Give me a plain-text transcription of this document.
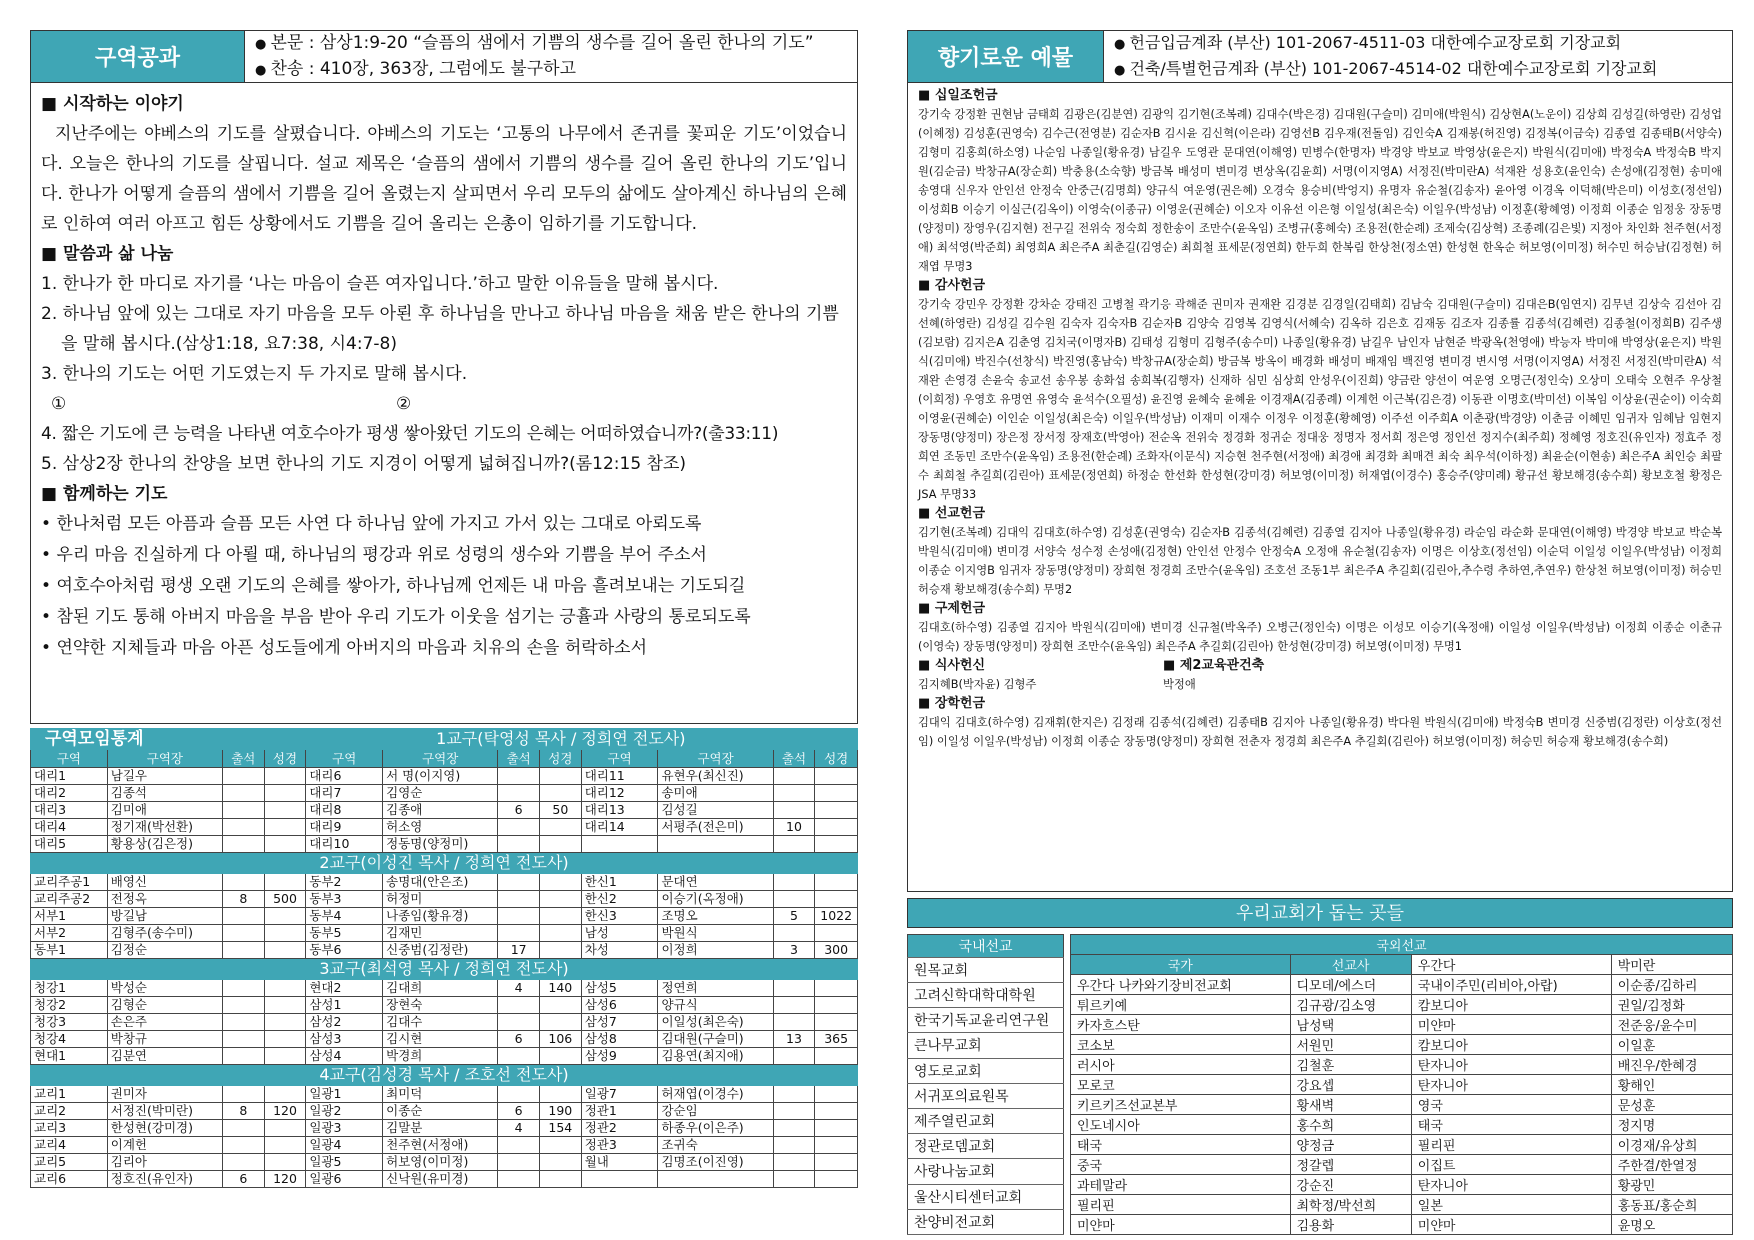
구역공과
● 본문 : 삼상1:9-20 “슬픔의 샘에서 기쁨의 생수를 길어 올린 한나의 기도”
● 찬송 : 410장, 363장, 그럼에도 불구하고
■ 시작하는 이야기
지난주에는 야베스의 기도를 살폈습니다. 야베스의 기도는 ‘고통의 나무에서 존귀를 꽃피운 기도’이었습니다. 오늘은 한나의 기도를 살핍니다. 설교 제목은 ‘슬픔의 샘에서 기쁨의 생수를 길어 올린 한나의 기도’입니다. 한나가 어떻게 슬픔의 샘에서 기쁨을 길어 올렸는지 살피면서 우리 모두의 삶에도 살아계신 하나님의 은혜로 인하여 여러 아프고 힘든 상황에서도 기쁨을 길어 올리는 은총이 임하기를 기도합니다.
■ 말씀과 삶 나눔
1. 한나가 한 마디로 자기를 ‘나는 마음이 슬픈 여자입니다.’하고 말한 이유들을 말해 봅시다.
2. 하나님 앞에 있는 그대로 자기 마음을 모두 아뢴 후 하나님을 만나고 하나님 마음을 채움 받은 한나의 기쁨을 말해 봅시다.(삼상1:18, 요7:38, 시4:7-8)
3. 한나의 기도는 어떤 기도였는지 두 가지로 말해 봅시다.
①	②
4. 짧은 기도에 큰 능력을 나타낸 여호수아가 평생 쌓아왔던 기도의 은혜는 어떠하였습니까?(출33:11)
5. 삼상2장 한나의 찬양을 보면 한나의 기도 지경이 어떻게 넓혀집니까?(롬12:15 참조)
■ 함께하는 기도
• 한나처럼 모든 아픔과 슬픔 모든 사연 다 하나님 앞에 가지고 가서 있는 그대로 아뢰도록
• 우리 마음 진실하게 다 아뢸 때, 하나님의 평강과 위로 성령의 생수와 기쁨을 부어 주소서
• 여호수아처럼 평생 오랜 기도의 은혜를 쌓아가, 하나님께 언제든 내 마음 흘려보내는 기도되길
• 참된 기도 통해 아버지 마음을 부음 받아 우리 기도가 이웃을 섬기는 긍휼과 사랑의 통로되도록
• 연약한 지체들과 마음 아픈 성도들에게 아버지의 마음과 치유의 손을 허락하소서
구역모임통계			1교구(탁영성 목사 / 정희연 전도사)								
구역	구역장	출석	성경	구역	구역장	출석	성경	구역	구역장	출석	성경
대리1	남길우			대리6	서 명(이지영)			대리11	유현우(최신진)		
대리2	김종석			대리7	김영순			대리12	송미애		
대리3	김미애			대리8	김종애	6	50	대리13	김성길		
대리4	정기재(박선환)			대리9	허소영			대리14	서평주(전은미)	10	
대리5	황용상(김은정)			대리10	정동명(양정미)						
2교구(이성진 목사 / 정희연 전도사)											
교리주공1	배영신			동부2	송명대(안은조)			한신1	문대연		
교리주공2	전정옥	8	500	동부3	허정미			한신2	이승기(옥정애)		
서부1	방길남			동부4	나종임(황유경)			한신3	조명오	5	1022
서부2	김형주(송수미)			동부5	김재민			남성	박원식		
동부1	김정순			동부6	신중범(김정란)	17		차성	이정희	3	300
3교구(최석영 목사 / 정희연 전도사)											
청강1	박성순			현대2	김대희	4	140	삼성5	정연희		
청강2	김형순			삼성1	장현숙			삼성6	양규식		
청강3	손은주			삼성2	김대수			삼성7	이일성(최은숙)		
청강4	박창규			삼성3	김시현	6	106	삼성8	김대원(구슬미)	13	365
현대1	김분연			삼성4	박경희			삼성9	김용연(최지애)		
4교구(김성경 목사 / 조호선 전도사)											
교리1	권미자			일광1	최미덕			일광7	허재엽(이경수)		
교리2	서정진(박미란)	8	120	일광2	이종순	6	190	정관1	강순임		
교리3	한성현(강미경)			일광3	김말분	4	154	정관2	하종우(이은주)		
교리4	이계헌			일광4	천주현(서정애)			정관3	조귀숙		
교리5	김리아			일광5	허보영(이미정)			월내	김명조(이진영)		
교리6	정호진(유인자)	6	120	일광6	신낙원(유미경)						
향기로운 예물
● 헌금입금계좌 (부산) 101-2067-4511-03 대한예수교장로회 기장교회
● 건축/특별헌금계좌 (부산) 101-2067-4514-02 대한예수교장로회 기장교회
■ 십일조헌금
강기숙 강정환 권현남 금태희 김광은(김분연) 김광익 김기현(조복례) 김대수(박은경) 김대원(구슬미) 김미애(박원식) 김상현A(노운이) 김상희 김성길(하영란) 김성업(이혜정) 김성훈(권영숙) 김수근(전영분) 김순자B 김시윤 김신혁(이은라) 김영선B 김우재(전돌임) 김인숙A 김재봉(허진영) 김정복(이금숙) 김종열 김종태B(서양숙) 김형미 김홍희(하소영) 나순임 나종일(황유경) 남길우 도영관 문대연(이해영) 민병수(한명자) 박경양 박보교 박영상(윤은지) 박원식(김미애) 박정숙A 박정숙B 박지원(김순금) 박창규A(장순희) 박충용(소숙향) 방금복 배성미 변미경 변상옥(김윤희) 서명(이지영A) 서정진(박미란A) 석재완 성용호(윤인숙) 손성애(김정현) 송미애 송영대 신우자 안인선 안정숙 안중근(김명희) 양규식 여운영(권은혜) 오경숙 용승비(박엉지) 유명자 유순철(김송자) 윤아영 이경옥 이덕해(박은미) 이성호(정선임) 이성희B 이승기 이실근(김옥이) 이영숙(이종규) 이영운(권혜순) 이오자 이유선 이은형 이일성(최은숙) 이일우(박성남) 이정훈(황혜영) 이정희 이종순 임정웅 장동명(양정미) 장영우(김지현) 전구길 전위숙 정숙희 정한송이 조만수(윤옥임) 조병규(홍혜숙) 조용전(한순례) 조제숙(김상혁) 조종례(김은빛) 지정아 차인화 천주현(서정애) 최석영(박준희) 최영희A 최은주A 최춘길(김영순) 최희철 표세문(정연희) 한두희 한복림 한상천(정소연) 한성현 한옥순 허보영(이미정) 허수민 허승남(김정현) 허재엽 무명3
■ 감사헌금
강기숙 강민우 강정환 강차순 강태진 고병철 곽기응 곽해준 권미자 권재완 김경분 김경일(김태희) 김남숙 김대원(구슬미) 김대은B(임연지) 김무년 김상숙 김선아 김선혜(하영란) 김성길 김수원 김숙자 김숙자B 김순자B 김양숙 김영복 김영식(서혜숙) 김옥하 김은호 김재동 김조자 김종률 김종석(김혜련) 김종철(이정희B) 김주생(김보람) 김지은A 김춘영 김치국(이명자B) 김태성 김형미 김형주(송수미) 나종일(황유경) 남길우 남인자 남현준 박광옥(천영애) 박능자 박미애 박영상(윤은지) 박원식(김미애) 박진수(선창식) 박진영(홍남숙) 박창규A(장순희) 방금복 방옥이 배경화 배성미 배재임 백진영 변미경 변시영 서명(이지영A) 서정진 서정진(박미란A) 석재완 손영경 손윤숙 송교선 송우봉 송화섭 송희복(김행자) 신재하 심민 심상희 안성우(이진희) 양금란 양선이 여운영 오명근(정인숙) 오상미 오태숙 오현주 우상철(이희정) 우영호 유명연 유영숙 윤석수(오필성) 윤진영 윤혜숙 윤혜윤 이경재A(김종례) 이계헌 이근복(김은경) 이동관 이명호(박미선) 이복임 이상윤(권순이) 이숙희 이영윤(권혜순) 이인순 이일성(최은숙) 이일우(박성남) 이재미 이재수 이정우 이정훈(황혜영) 이주선 이주희A 이춘광(박경양) 이춘금 이혜민 임귀자 임혜남 임현지 장동명(양정미) 장은정 장서정 장재호(박영아) 전순옥 전위숙 정경화 정귀순 정대웅 정명자 정서희 정은영 정인선 정지수(최주희) 정혜영 정호진(유인자) 정효주 정희연 조동민 조만수(윤옥임) 조용전(한순례) 조화자(이문식) 지승현 천주현(서정애) 최경애 최경화 최매견 최숙 최우석(이하정) 최윤순(이현송) 최은주A 최인승 최팔수 최희철 추길희(김린아) 표세문(정연희) 하정순 한선화 한성현(강미경) 허보영(이미정) 허재엽(이경수) 홍승주(양미례) 황규선 황보해경(송수희) 황보호철 황정은 JSA 무명33
■ 선교헌금
김기현(조복례) 김대익 김대호(하수영) 김성훈(권영숙) 김순자B 김종석(김혜련) 김종열 김지아 나종일(황유경) 라순임 라순화 문대연(이해영) 박경양 박보교 박순복 박원식(김미애) 변미경 서양숙 성수정 손성애(김정현) 안인선 안정수 안정숙A 오정애 유순철(김송자) 이명은 이상호(정선임) 이순덕 이일성 이일우(박성남) 이정희 이종순 이지영B 임귀자 장동명(양정미) 장희현 정경희 조만수(윤옥임) 조호선 조동1부 최은주A 추길회(김린아,추수령 추하연,추연우) 한상천 허보영(이미정) 허승민 허승재 황보해경(송수희) 무명2
■ 구제헌금
김대호(하수영) 김종열 김지아 박원식(김미애) 변미경 신규철(박옥주) 오병근(정인숙) 이명은 이성모 이승기(옥정애) 이일성 이일우(박성남) 이정희 이종순 이춘규(이영숙) 장동명(양정미) 장희현 조만수(윤옥임) 최은주A 추길회(김린아) 한성현(강미경) 허보영(이미정) 무명1
■ 식사헌신
김지혜B(박자윤) 김형주
■ 제2교육관건축
박정애
■ 장학헌금
김대익 김대호(하수영) 김재휘(한지은) 김정래 김종석(김혜련) 김종태B 김지아 나종일(황유경) 박다원 박원식(김미애) 박정숙B 변미경 신중범(김정란) 이상호(정선임) 이일성 이일우(박성남) 이정희 이종순 장동명(양정미) 장희현 전춘자 정경희 최은주A 추길회(김린아) 허보영(이미정) 허승민 허승재 황보해경(송수희)
우리교회가 돕는 곳들
국내선교
원목교회
고려신학대학대학원
한국기독교윤리연구원
큰나무교회
영도로교회
서귀포의료원목
제주열린교회
정관로뎀교회
사랑나눔교회
울산시티센터교회
찬양비전교회
국외선교			
국가	선교사	우간다	박미란
우간다 나카와기장비전교회	디모데/에스더	국내이주민(리비아,아랍)	이순종/김하리
튀르키예	김규광/김소영	캄보디아	권일/김정화
카자흐스탄	남성택	미얀마	전준웅/윤수미
코소보	서원민	캄보디아	이일훈
러시아	김철훈	탄자니아	배진우/한혜경
모로코	강요셉	탄자니아	황해인
키르키즈선교본부	황새벽	영국	문성훈
인도네시아	홍수희	태국	정지명
태국	양정금	필리핀	이경재/유상희
중국	정갈렙	이집트	주한결/한열정
과테말라	강순진	탄자니아	황광민
필리핀	최학정/박선희	일본	홍동표/홍순희
미얀마	김용화	미얀마	윤명오
